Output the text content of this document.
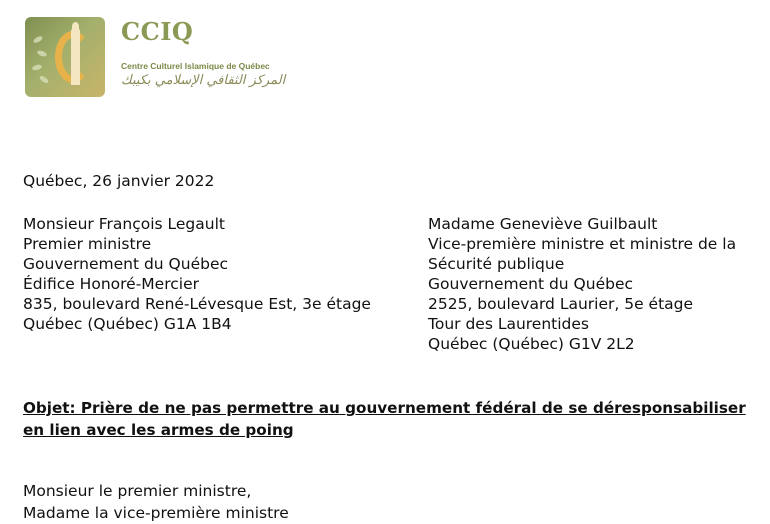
CCIQ
Centre Culturel Islamique de Québec
المركز الثقافي الإسلامي بكيبك
Québec, 26 janvier 2022
Monsieur François Legault
Premier ministre
Gouvernement du Québec
Édifice Honoré-Mercier
835, boulevard René-Lévesque Est, 3e étage
Québec (Québec) G1A 1B4
Madame Geneviève Guilbault
Vice-première ministre et ministre de la
Sécurité publique
Gouvernement du Québec
2525, boulevard Laurier, 5e étage
Tour des Laurentides
Québec (Québec) G1V 2L2
Objet: Prière de ne pas permettre au gouvernement fédéral de se déresponsabiliser en lien avec les armes de poing
Monsieur le premier ministre,
Madame la vice-première ministre
